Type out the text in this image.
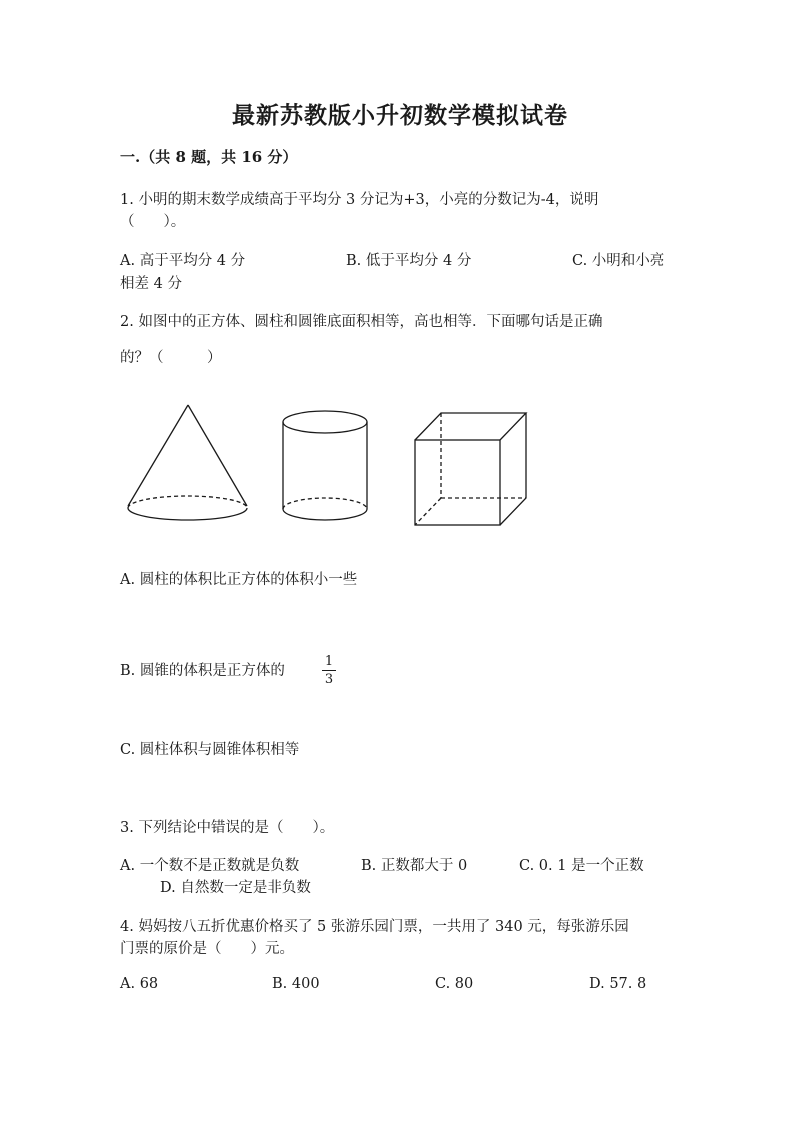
最新苏教版小升初数学模拟试卷
一.（共 8 题，共 16 分）
1. 小明的期末数学成绩高于平均分 3 分记为+3，小亮的分数记为-4，说明
（　　）。
A. 高于平均分 4 分	B. 低于平均分 4 分	C. 小明和小亮
相差 4 分
2. 如图中的正方体、圆柱和圆锥底面积相等，高也相等．下面哪句话是正确
的？（　　　）
A. 圆柱的体积比正方体的体积小一些
B. 圆锥的体积是正方体的
1
3
C. 圆柱体积与圆锥体积相等
3. 下列结论中错误的是（　　）。
A. 一个数不是正数就是负数	B. 正数都大于 0	C. 0. 1 是一个正数
D. 自然数一定是非负数
4. 妈妈按八五折优惠价格买了 5 张游乐园门票，一共用了 340 元，每张游乐园
门票的原价是（　　）元。
A. 68	B. 400	C. 80	D. 57. 8
